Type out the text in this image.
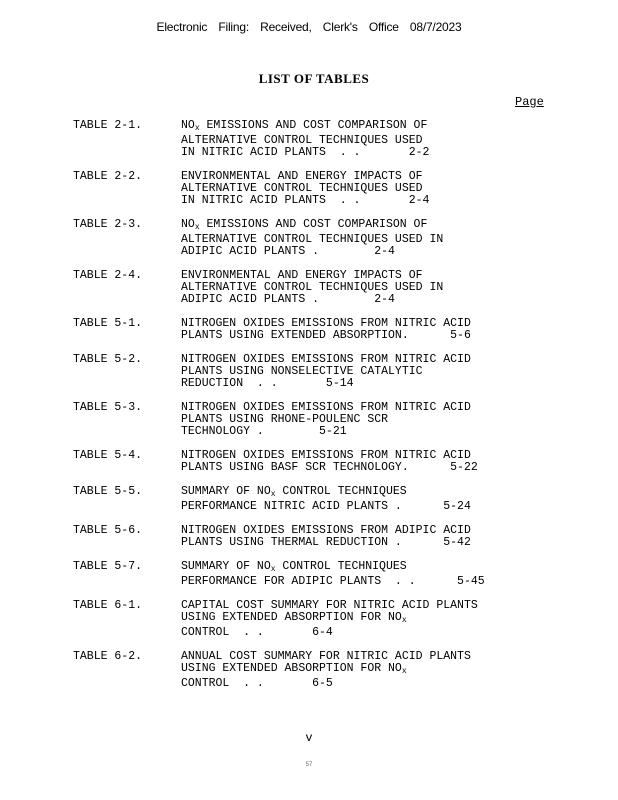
Electronic Filing: Received, Clerk's Office 08/7/2023
LIST OF TABLES
Page
TABLE 2-1.	$NO_x$ EMISSIONS AND COST COMPARISON OF
ALTERNATIVE CONTROL TECHNIQUES USED
IN NITRIC ACID PLANTS  . .       2-2
TABLE 2-2.	ENVIRONMENTAL AND ENERGY IMPACTS OF
ALTERNATIVE CONTROL TECHNIQUES USED
IN NITRIC ACID PLANTS  . .       2-4
TABLE 2-3.	$NO_x$ EMISSIONS AND COST COMPARISON OF
ALTERNATIVE CONTROL TECHNIQUES USED IN
ADIPIC ACID PLANTS .        2-4
TABLE 2-4.	ENVIRONMENTAL AND ENERGY IMPACTS OF
ALTERNATIVE CONTROL TECHNIQUES USED IN
ADIPIC ACID PLANTS .        2-4
TABLE 5-1.	NITROGEN OXIDES EMISSIONS FROM NITRIC ACID
PLANTS USING EXTENDED ABSORPTION.      5-6
TABLE 5-2.	NITROGEN OXIDES EMISSIONS FROM NITRIC ACID
PLANTS USING NONSELECTIVE CATALYTIC
REDUCTION  . .       5-14
TABLE 5-3.	NITROGEN OXIDES EMISSIONS FROM NITRIC ACID
PLANTS USING RHONE-POULENC SCR
TECHNOLOGY .        5-21
TABLE 5-4.	NITROGEN OXIDES EMISSIONS FROM NITRIC ACID
PLANTS USING BASF SCR TECHNOLOGY.      5-22
TABLE 5-5.	SUMMARY OF $NO_x$ CONTROL TECHNIQUES
PERFORMANCE NITRIC ACID PLANTS .      5-24
TABLE 5-6.	NITROGEN OXIDES EMISSIONS FROM ADIPIC ACID
PLANTS USING THERMAL REDUCTION .      5-42
TABLE 5-7.	SUMMARY OF $NO_x$ CONTROL TECHNIQUES
PERFORMANCE FOR ADIPIC PLANTS  . .      5-45
TABLE 6-1.	CAPITAL COST SUMMARY FOR NITRIC ACID PLANTS
USING EXTENDED ABSORPTION FOR $NO_x$
CONTROL  . .       6-4
TABLE 6-2.	ANNUAL COST SUMMARY FOR NITRIC ACID PLANTS
USING EXTENDED ABSORPTION FOR $NO_x$
CONTROL  . .       6-5
v
57
